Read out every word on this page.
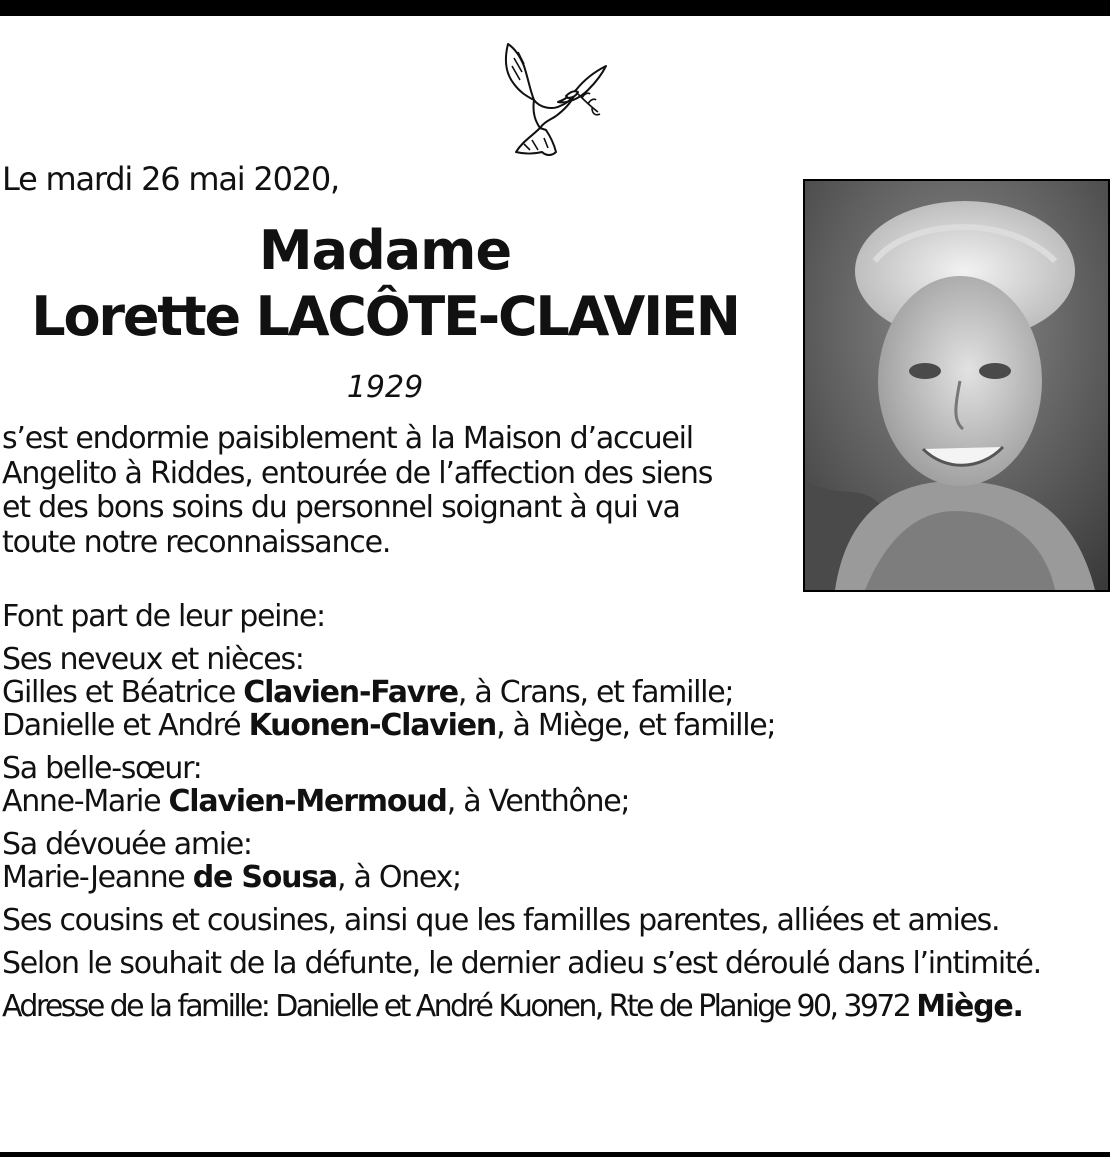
Le mardi 26 mai 2020,
Madame
Lorette LACÔTE-CLAVIEN
1929
s’est endormie paisiblement à la Maison d’accueil
Angelito à Riddes, entourée de l’affection des siens
et des bons soins du personnel soignant à qui va
toute notre reconnaissance.
Font part de leur peine:
Ses neveux et nièces:
Gilles et Béatrice Clavien-Favre, à Crans, et famille;
Danielle et André Kuonen-Clavien, à Miège, et famille;
Sa belle-sœur:
Anne-Marie Clavien-Mermoud, à Venthône;
Sa dévouée amie:
Marie-Jeanne de Sousa, à Onex;
Ses cousins et cousines, ainsi que les familles parentes, alliées et amies.
Selon le souhait de la défunte, le dernier adieu s’est déroulé dans l’intimité.
Adresse de la famille: Danielle et André Kuonen, Rte de Planige 90, 3972 Miège.
